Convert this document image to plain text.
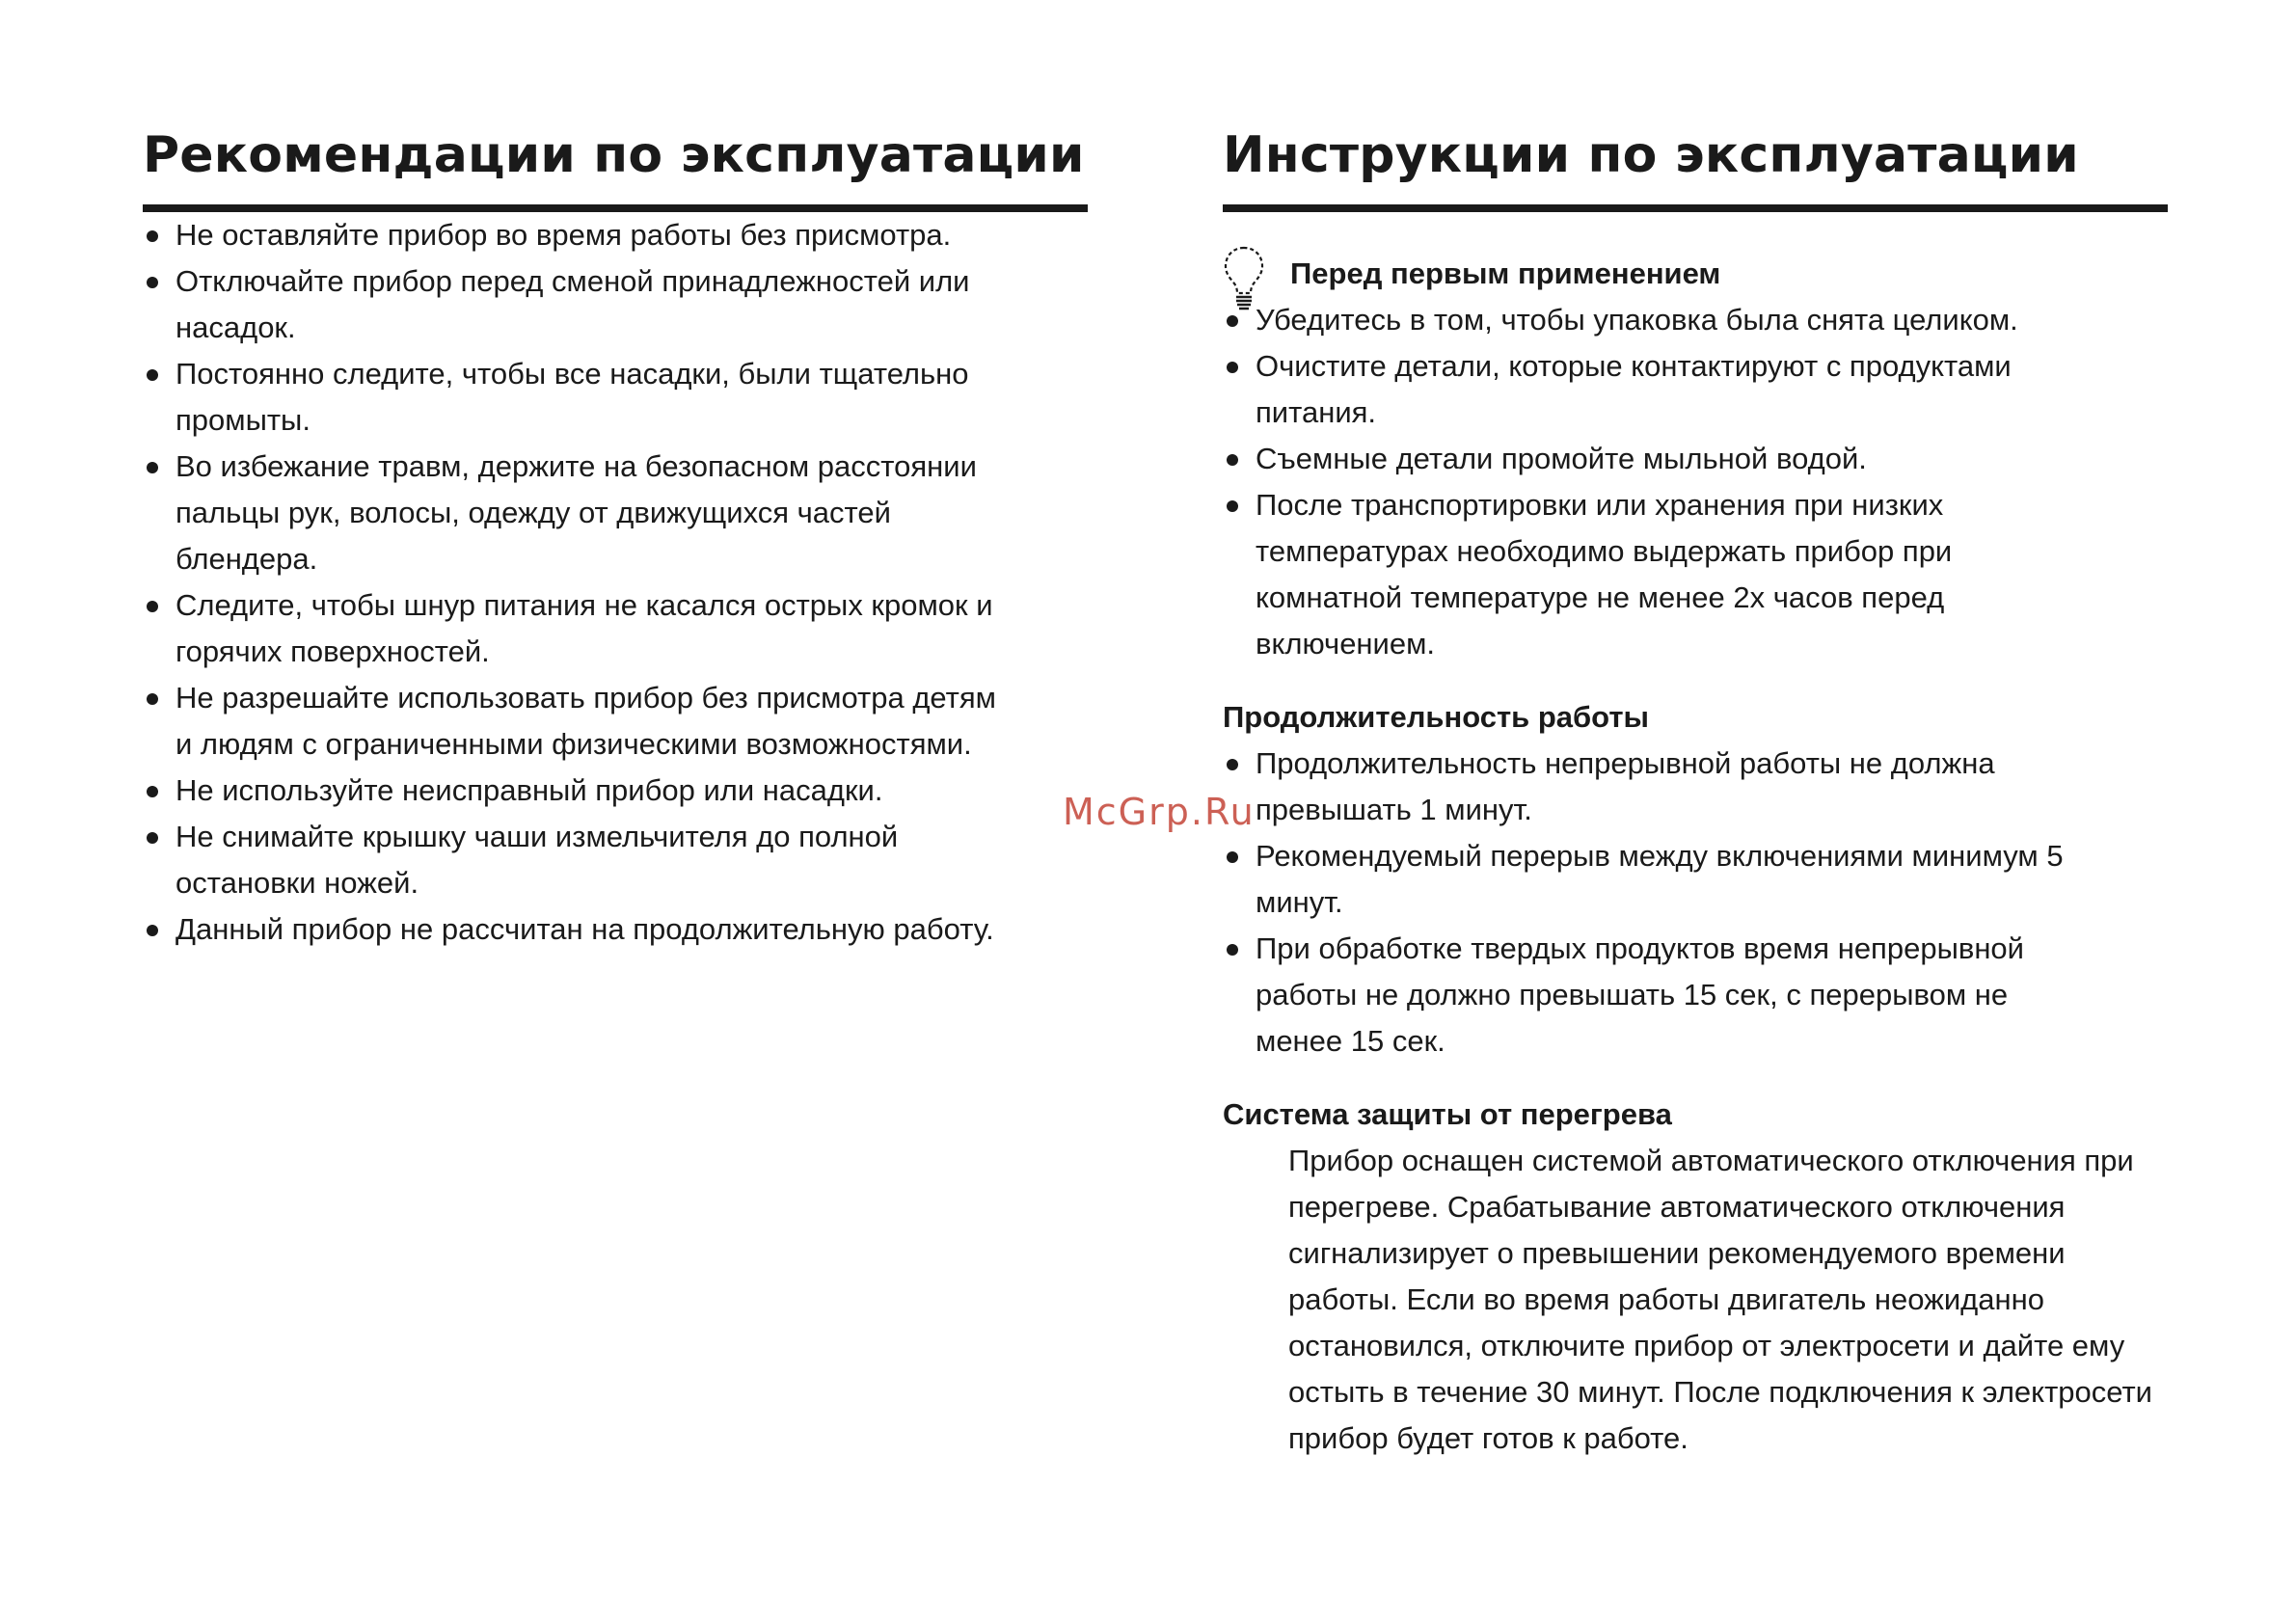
Рекомендации по эксплуатации
Не оставляйте прибор во время работы без присмотра.
Отключайте прибор перед сменой принадлежностей или насадок.
Постоянно следите, чтобы все насадки, были тщательно промыты.
Во избежание травм, держите на безопасном расстоянии пальцы рук, волосы, одежду от движущихся частей блендера.
Следите, чтобы шнур питания не касался острых кромок и горячих поверхностей.
Не разрешайте использовать прибор без присмотра детям и людям с ограниченными физическими возможностями.
Не используйте неисправный прибор или насадки.
Не снимайте крышку чаши измельчителя до полной остановки ножей.
Данный прибор не рассчитан на продолжительную работу.
Инструкции по эксплуатации

Перед первым применением

Убедитесь в том, чтобы упаковка была снята целиком.
Очистите детали, которые контактируют с продуктами питания.
Съемные детали промойте мыльной водой.
После транспортировки или хранения при низких температурах необходимо выдержать прибор при комнатной температуре не менее 2х часов перед включением.

Продолжительность работы

Продолжительность непрерывной работы не должна превышать 1 минут.
Рекомендуемый перерыв между включениями минимум 5 минут.
При обработке твердых продуктов время непрерывной работы не должно превышать 15 сек, с перерывом не менее 15 сек.

Система защиты от перегрева

Прибор оснащен системой автоматического отключения при перегреве. Срабатывание автоматического отключения сигнализирует о превышении рекомендуемого времени работы. Если во время работы двигатель неожиданно остановился, отключите прибор от электросети и дайте ему остыть в течение 30 минут. После подключения к электросети прибор будет готов к работе.

McGrp.Ru
